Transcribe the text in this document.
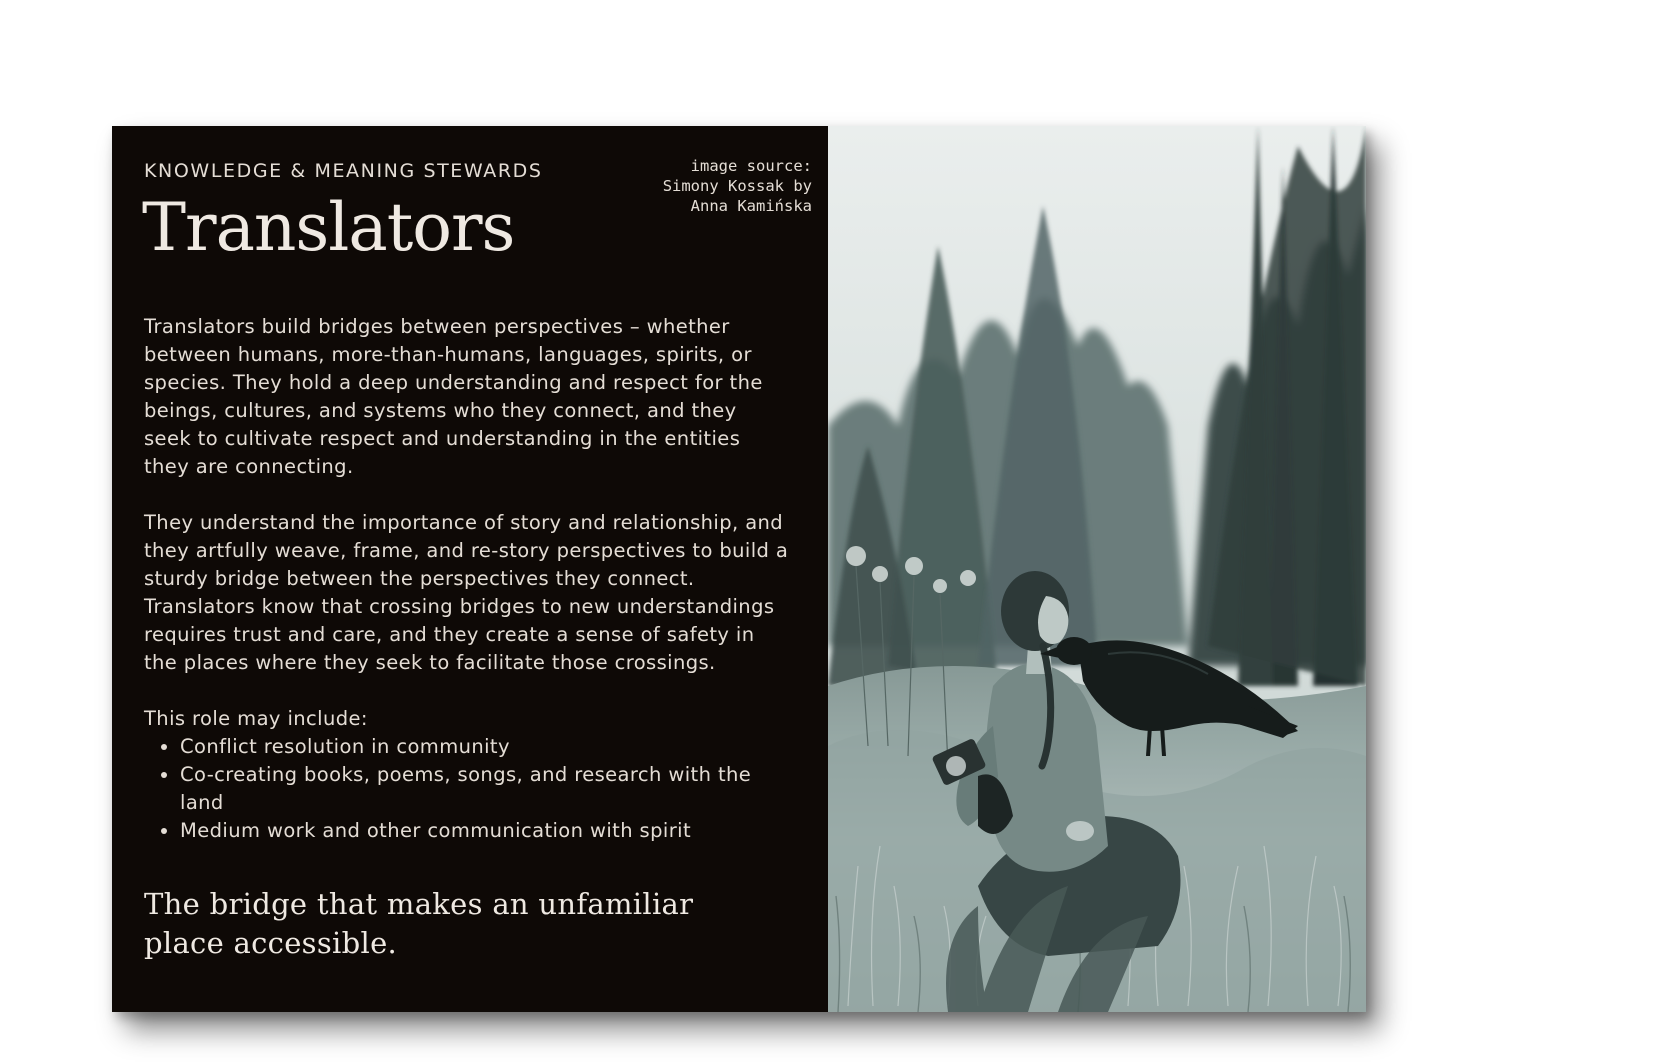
KNOWLEDGE & MEANING STEWARDS

Translators
image source:
Simony Kossak by
Anna Kamińska

Translators build bridges between perspectives – whether between humans, more-than-humans, languages, spirits, or species. They hold a deep understanding and respect for the beings, cultures, and systems who they connect, and they seek to cultivate respect and understanding in the entities they are connecting.

They understand the importance of story and relationship, and they artfully weave, frame, and re-story perspectives to build a sturdy bridge between the perspectives they connect. Translators know that crossing bridges to new understandings requires trust and care, and they create a sense of safety in the places where they seek to facilitate those crossings.

This role may include:

• Conflict resolution in community
• Co-creating books, poems, songs, and research with the land
• Medium work and other communication with spirit

The bridge that makes an unfamiliar place accessible.
